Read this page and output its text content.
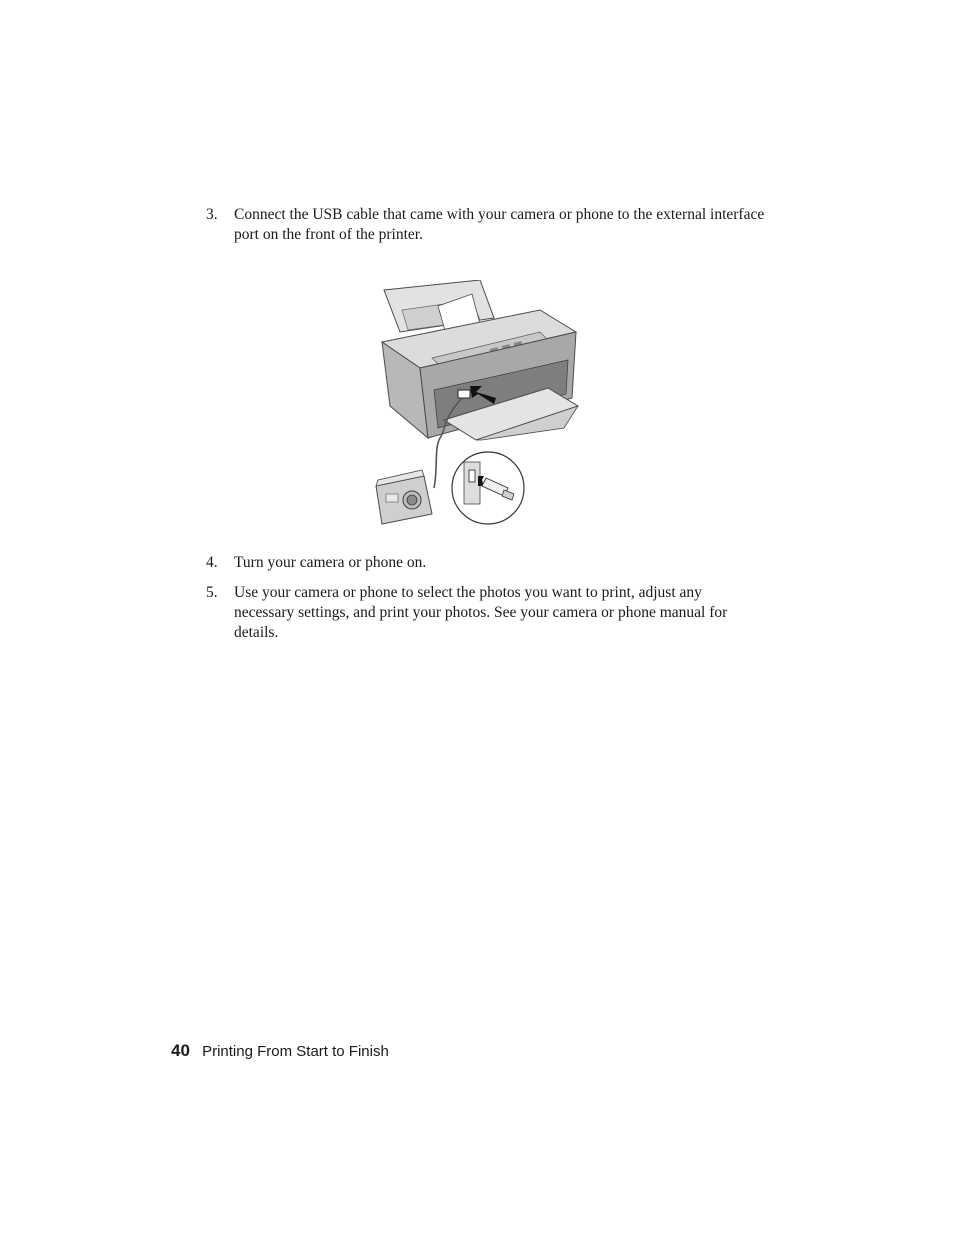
3. Connect the USB cable that came with your camera or phone to the external interface port on the front of the printer.
4. Turn your camera or phone on.
5. Use your camera or phone to select the photos you want to print, adjust any necessary settings, and print your photos. See your camera or phone manual for details.
40 Printing From Start to Finish
